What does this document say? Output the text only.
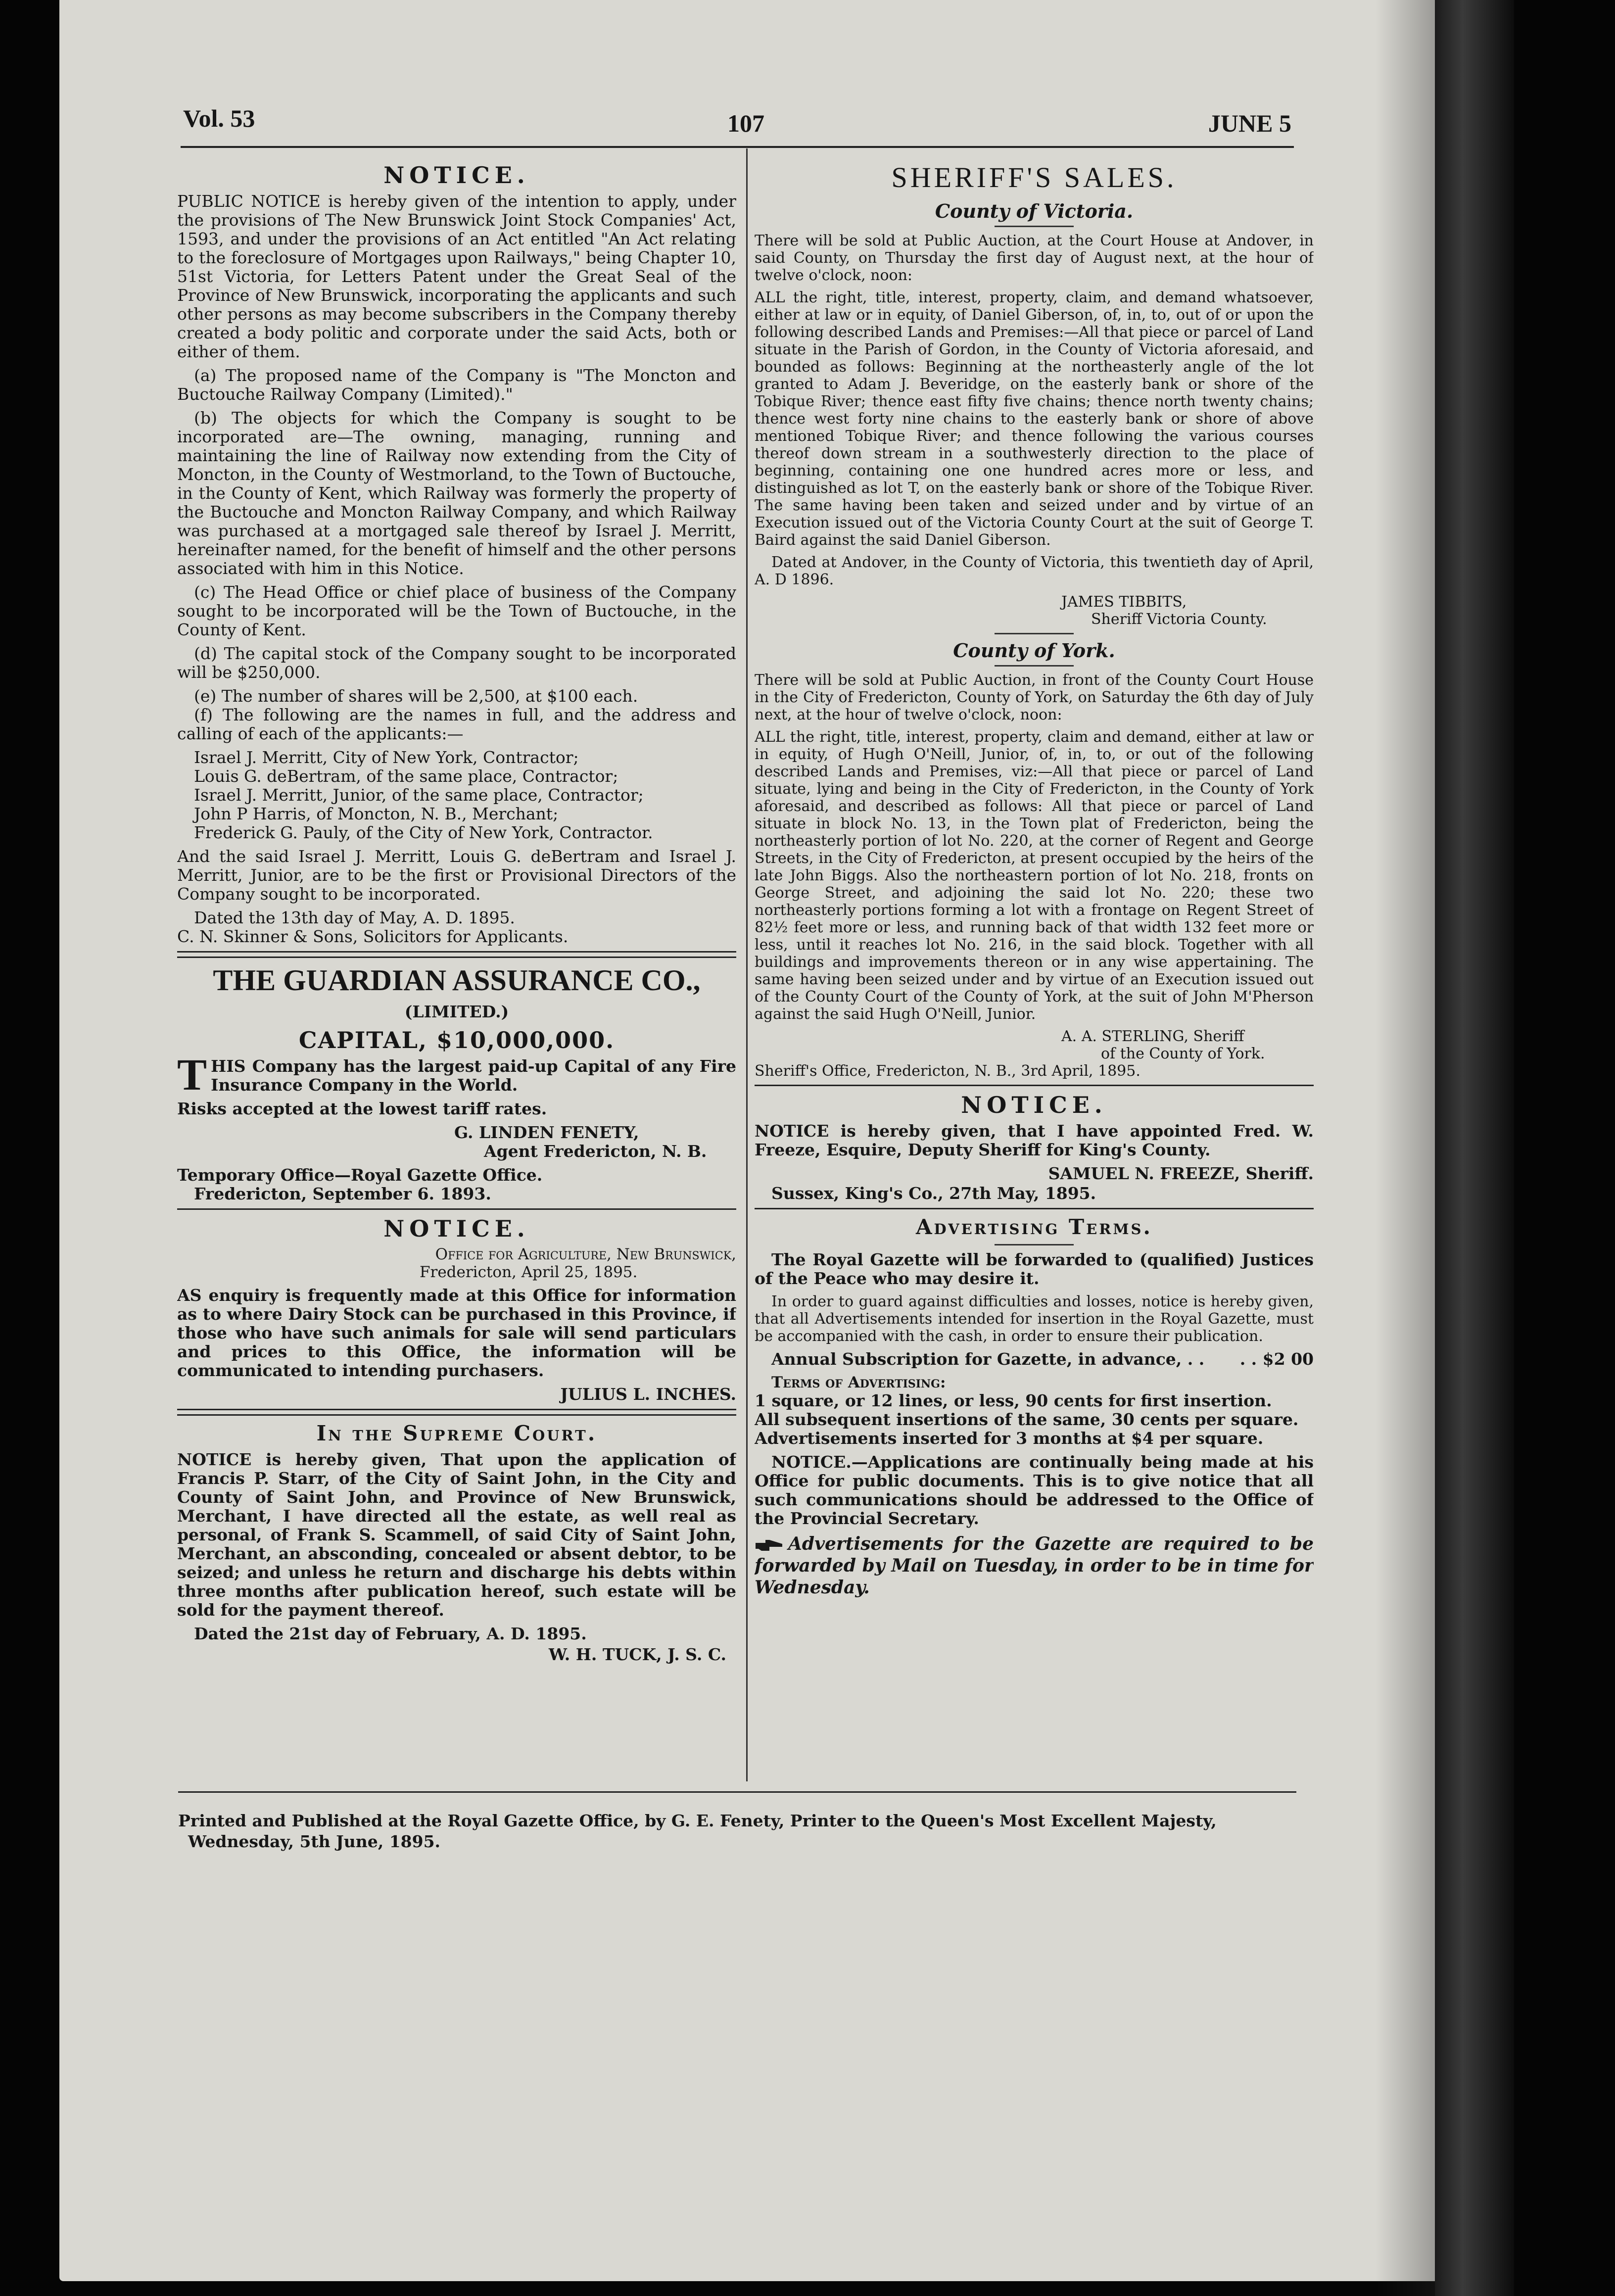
Vol. 53	107	JUNE 5
NOTICE.
PUBLIC NOTICE is hereby given of the intention to apply, under the provisions of The New Brunswick Joint Stock Companies' Act, 1593, and under the provisions of an Act entitled "An Act relating to the foreclosure of Mortgages upon Railways," being Chapter 10, 51st Victoria, for Letters Patent under the Great Seal of the Province of New Brunswick, incorporating the applicants and such other persons as may become subscribers in the Company thereby created a body politic and corporate under the said Acts, both or either of them.
(a) The proposed name of the Company is "The Moncton and Buctouche Railway Company (Limited)."
(b) The objects for which the Company is sought to be incorporated are—The owning, managing, running and maintaining the line of Railway now extending from the City of Moncton, in the County of Westmorland, to the Town of Buctouche, in the County of Kent, which Railway was formerly the property of the Buctouche and Moncton Railway Company, and which Railway was purchased at a mortgaged sale thereof by Israel J. Merritt, hereinafter named, for the benefit of himself and the other persons associated with him in this Notice.
(c) The Head Office or chief place of business of the Company sought to be incorporated will be the Town of Buctouche, in the County of Kent.
(d) The capital stock of the Company sought to be incorporated will be $250,000.
(e) The number of shares will be 2,500, at $100 each.
(f) The following are the names in full, and the address and calling of each of the applicants:—
Israel J. Merritt, City of New York, Contractor;
Louis G. deBertram, of the same place, Contractor;
Israel J. Merritt, Junior, of the same place, Contractor;
John P Harris, of Moncton, N. B., Merchant;
Frederick G. Pauly, of the City of New York, Contractor.
And the said Israel J. Merritt, Louis G. deBertram and Israel J. Merritt, Junior, are to be the first or Provisional Directors of the Company sought to be incorporated.
Dated the 13th day of May, A. D. 1895.
C. N. Skinner & Sons, Solicitors for Applicants.
THE GUARDIAN ASSURANCE CO.,
(LIMITED.)
CAPITAL, $10,000,000.
T HIS Company has the largest paid-up Capital of any Fire Insurance Company in the World.
Risks accepted at the lowest tariff rates.
G. LINDEN FENETY,
Agent Fredericton, N. B.
Temporary Office—Royal Gazette Office.
Fredericton, September 6. 1893.
NOTICE.
Office for Agriculture, New Brunswick,
Fredericton, April 25, 1895.
AS enquiry is frequently made at this Office for information as to where Dairy Stock can be purchased in this Province, if those who have such animals for sale will send particulars and prices to this Office, the information will be communicated to intending purchasers.
JULIUS L. INCHES.
In the Supreme Court.
NOTICE is hereby given, That upon the application of Francis P. Starr, of the City of Saint John, in the City and County of Saint John, and Province of New Brunswick, Merchant, I have directed all the estate, as well real as personal, of Frank S. Scammell, of said City of Saint John, Merchant, an absconding, concealed or absent debtor, to be seized; and unless he return and discharge his debts within three months after publication hereof, such estate will be sold for the payment thereof.
Dated the 21st day of February, A. D. 1895.
W. H. TUCK, J. S. C.
SHERIFF'S SALES.
County of Victoria.
There will be sold at Public Auction, at the Court House at Andover, in said County, on Thursday the first day of August next, at the hour of twelve o'clock, noon:
ALL the right, title, interest, property, claim, and demand whatsoever, either at law or in equity, of Daniel Giberson, of, in, to, out of or upon the following described Lands and Premises:—All that piece or parcel of Land situate in the Parish of Gordon, in the County of Victoria aforesaid, and bounded as follows: Beginning at the northeasterly angle of the lot granted to Adam J. Beveridge, on the easterly bank or shore of the Tobique River; thence east fifty five chains; thence north twenty chains; thence west forty nine chains to the easterly bank or shore of above mentioned Tobique River; and thence following the various courses thereof down stream in a southwesterly direction to the place of beginning, containing one one hundred acres more or less, and distinguished as lot T, on the easterly bank or shore of the Tobique River. The same having been taken and seized under and by virtue of an Execution issued out of the Victoria County Court at the suit of George T. Baird against the said Daniel Giberson.
Dated at Andover, in the County of Victoria, this twentieth day of April, A. D 1896.
JAMES TIBBITS,
Sheriff Victoria County.
County of York.
There will be sold at Public Auction, in front of the County Court House in the City of Fredericton, County of York, on Saturday the 6th day of July next, at the hour of twelve o'clock, noon:
ALL the right, title, interest, property, claim and demand, either at law or in equity, of Hugh O'Neill, Junior, of, in, to, or out of the following described Lands and Premises, viz:—All that piece or parcel of Land situate, lying and being in the City of Fredericton, in the County of York aforesaid, and described as follows: All that piece or parcel of Land situate in block No. 13, in the Town plat of Fredericton, being the northeasterly portion of lot No. 220, at the corner of Regent and George Streets, in the City of Fredericton, at present occupied by the heirs of the late John Biggs. Also the northeastern portion of lot No. 218, fronts on George Street, and adjoining the said lot No. 220; these two northeasterly portions forming a lot with a frontage on Regent Street of 82½ feet more or less, and running back of that width 132 feet more or less, until it reaches lot No. 216, in the said block. Together with all buildings and improvements thereon or in any wise appertaining. The same having been seized under and by virtue of an Execution issued out of the County Court of the County of York, at the suit of John M'Pherson against the said Hugh O'Neill, Junior.
A. A. STERLING, Sheriff
of the County of York.
Sheriff's Office, Fredericton, N. B., 3rd April, 1895.
NOTICE.
NOTICE is hereby given, that I have appointed Fred. W. Freeze, Esquire, Deputy Sheriff for King's County.
SAMUEL N. FREEZE, Sheriff.
Sussex, King's Co., 27th May, 1895.
Advertising Terms.
The Royal Gazette will be forwarded to (qualified) Justices of the Peace who may desire it.
In order to guard against difficulties and losses, notice is hereby given, that all Advertisements intended for insertion in the Royal Gazette, must be accompanied with the cash, in order to ensure their publication.
Annual Subscription for Gazette, in advance, . .	. . $2 00
Terms of Advertising:
1 square, or 12 lines, or less, 90 cents for first insertion.
All subsequent insertions of the same, 30 cents per square.
Advertisements inserted for 3 months at $4 per square.
NOTICE.—Applications are continually being made at his Office for public documents. This is to give notice that all such communications should be addressed to the Office of the Provincial Secretary.
Advertisements for the Gazette are required to be forwarded by Mail on Tuesday, in order to be in time for Wednesday.

Printed and Published at the Royal Gazette Office, by G. E. Fenety, Printer to the Queen's Most Excellent Majesty,

Wednesday, 5th June, 1895.
